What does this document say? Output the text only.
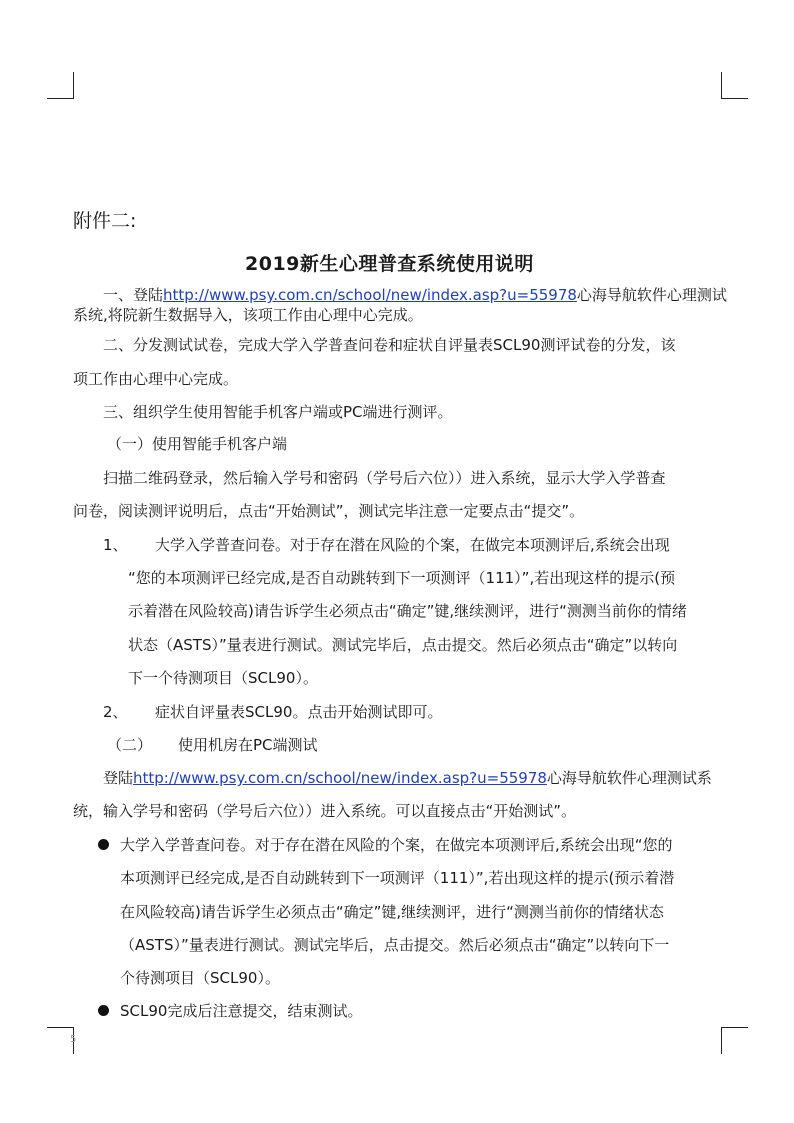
附件二:
2019新生心理普查系统使用说明
一、登陆http://www.psy.com.cn/school/new/index.asp?u=55978心海导航软件心理测试
系统,将院新生数据导入，该项工作由心理中心完成。
二、分发测试试卷，完成大学入学普查问卷和症状自评量表SCL90测评试卷的分发，该
项工作由心理中心完成。
三、组织学生使用智能手机客户端或PC端进行测评。
（一）使用智能手机客户端
扫描二维码登录，然后输入学号和密码（学号后六位））进入系统，显示大学入学普查
问卷，阅读测评说明后，点击“开始测试”，测试完毕注意一定要点击“提交”。
1、 大学入学普查问卷。对于存在潜在风险的个案，在做完本项测评后,系统会出现
“您的本项测评已经完成,是否自动跳转到下一项测评（111）”,若出现这样的提示(预
示着潜在风险较高)请告诉学生必须点击“确定”键,继续测评，进行“测测当前你的情绪
状态（ASTS）”量表进行测试。测试完毕后，点击提交。然后必须点击“确定”以转向
下一个待测项目（SCL90）。
2、 症状自评量表SCL90。点击开始测试即可。
（二） 使用机房在PC端测试
登陆http://www.psy.com.cn/school/new/index.asp?u=55978心海导航软件心理测试系
统，输入学号和密码（学号后六位））进入系统。可以直接点击“开始测试”。
大学入学普查问卷。对于存在潜在风险的个案，在做完本项测评后,系统会出现“您的
本项测评已经完成,是否自动跳转到下一项测评（111）”,若出现这样的提示(预示着潜
在风险较高)请告诉学生必须点击“确定”键,继续测评，进行“测测当前你的情绪状态
（ASTS）”量表进行测试。测试完毕后，点击提交。然后必须点击“确定”以转向下一
个待测项目（SCL90）。
SCL90完成后注意提交，结束测试。
5
